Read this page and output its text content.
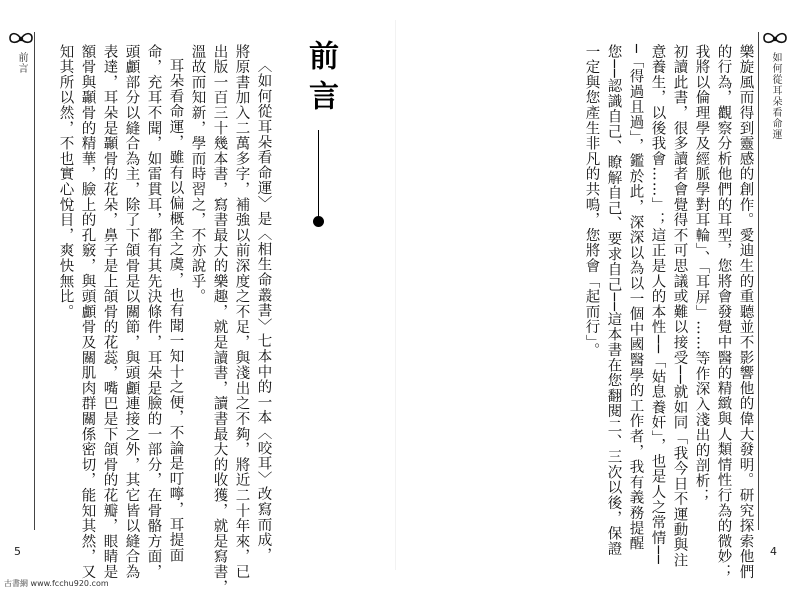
前言
5
知其所以然，不也實心悅目，爽快無比。 額骨與顳骨的精華，臉上的孔竅，與頭顱骨及關肌肉群關係密切，能知其然，又 表達，耳朵是顳骨的花朵，鼻子是上頜骨的花蕊，嘴巴是下頜骨的花瓣，眼睛是 頭顱部分以縫合為主，除了下頜骨是以關節，與頭顱連接之外，其它皆以縫合為 命，充耳不聞，如雷貫耳，都有其先決條件，耳朵是臉的一部分，在骨骼方面， 耳朵看命運，雖有以偏概全之虞，也有聞一知十之便，不論是叮嚀，耳提面 溫故而知新，學而時習之，不亦說乎。 出版一百三十幾本書，寫書最大的樂趣，就是讀書，讀書最大的收獲，就是寫書， 將原書加入二萬多字，補強以前深度之不足，與淺出之不夠，將近二十年來，已 〈如何從耳朵看命運〉是〈相生命叢書〉七本中的一本〈咬耳〉改寫而成， 前言	一定與您產生非凡的共鳴，您將會「起而行」。 您──認識自己、瞭解自己、要求自己──這本書在您翻閱二、三次以後，保證 ─「得過且過」，鑑於此，深深以為以一個中國醫學的工作者，我有義務提醒 意養生，以後我會……」；這正是人的本性──「姑息養奸」，也是人之常情── 初讀此書，很多讀者會覺得不可思議或難以接受──就如同「我今日不運動與注 我將以倫理學及經脈學對耳輪」、「耳屏」……等作深入淺出的剖析； 的行為，觀察分析他們的耳型，您將會發覺中醫的精緻與人類情性行為的微妙； 樂旋風而得到靈感的創作。愛迪生的重聽並不影響他的偉大發明。研究探索他們 如何從耳朵看命運
4
古書網 www.fcchu920.com
